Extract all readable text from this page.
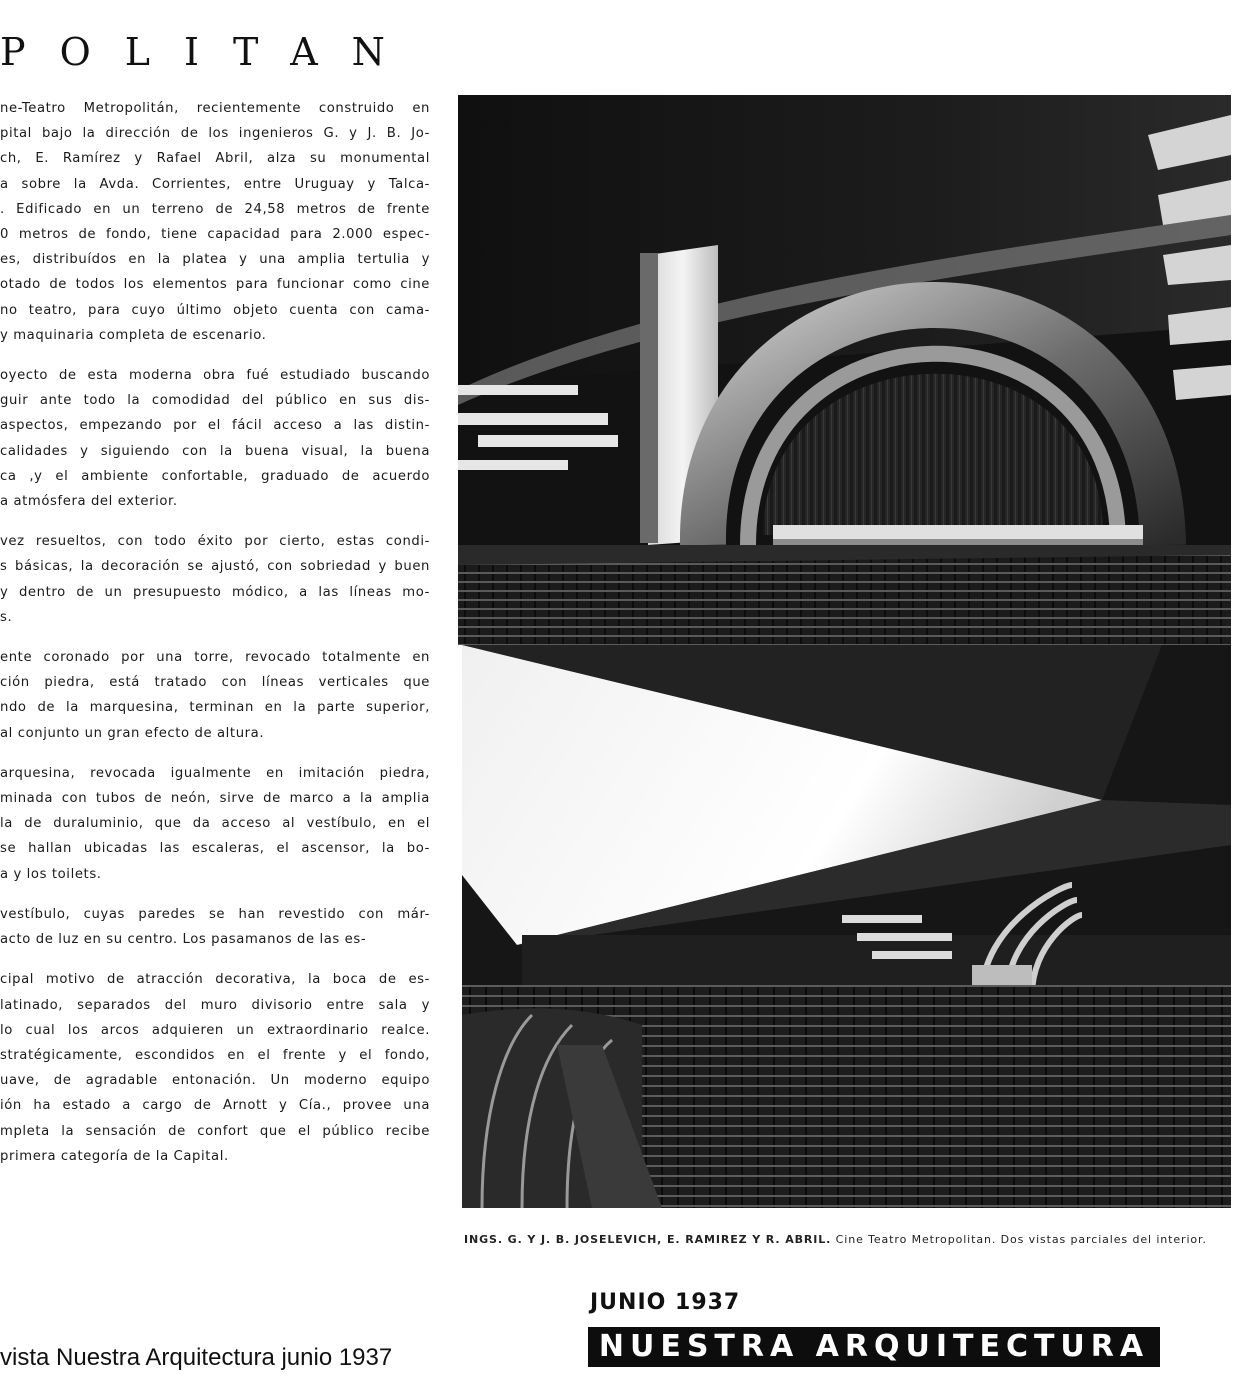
POLITAN
ne-Teatro Metropolitán, recientemente construido en
pital bajo la dirección de los ingenieros G. y J. B. Jo-
ch, E. Ramírez y Rafael Abril, alza su monumental
a sobre la Avda. Corrientes, entre Uruguay y Talca-
. Edificado en un terreno de 24,58 metros de frente
0 metros de fondo, tiene capacidad para 2.000 espec-
es, distribuídos en la platea y una amplia tertulia y
otado de todos los elementos para funcionar como cine
no teatro, para cuyo último objeto cuenta con cama-
y maquinaria completa de escenario.
oyecto de esta moderna obra fué estudiado buscando
guir ante todo la comodidad del público en sus dis-
aspectos, empezando por el fácil acceso a las distin-
calidades y siguiendo con la buena visual, la buena
ca ,y el ambiente confortable, graduado de acuerdo
a atmósfera del exterior.
vez resueltos, con todo éxito por cierto, estas condi-
s básicas, la decoración se ajustó, con sobriedad y buen
y dentro de un presupuesto módico, a las líneas mo-
s.
ente coronado por una torre, revocado totalmente en
ción piedra, está tratado con líneas verticales que
ndo de la marquesina, terminan en la parte superior,
al conjunto un gran efecto de altura.
arquesina, revocada igualmente en imitación piedra,
minada con tubos de neón, sirve de marco a la amplia
la de duraluminio, que da acceso al vestíbulo, en el
se hallan ubicadas las escaleras, el ascensor, la bo-
a y los toilets.
vestíbulo, cuyas paredes se han revestido con már-
acto de luz en su centro. Los pasamanos de las es-
cipal motivo de atracción decorativa, la boca de es-
latinado, separados del muro divisorio entre sala y
lo cual los arcos adquieren un extraordinario realce.
stratégicamente, escondidos en el frente y el fondo,
uave, de agradable entonación. Un moderno equipo
ión ha estado a cargo de Arnott y Cía., provee una
mpleta la sensación de confort que el público recibe
primera categoría de la Capital.
INGS. G. Y J. B. JOSELEVICH, E. RAMIREZ Y R. ABRIL. Cine Teatro Metropolitan. Dos vistas parciales del interior.
JUNIO 1937
NUESTRA ARQUITECTURA
vista Nuestra Arquitectura junio 1937
